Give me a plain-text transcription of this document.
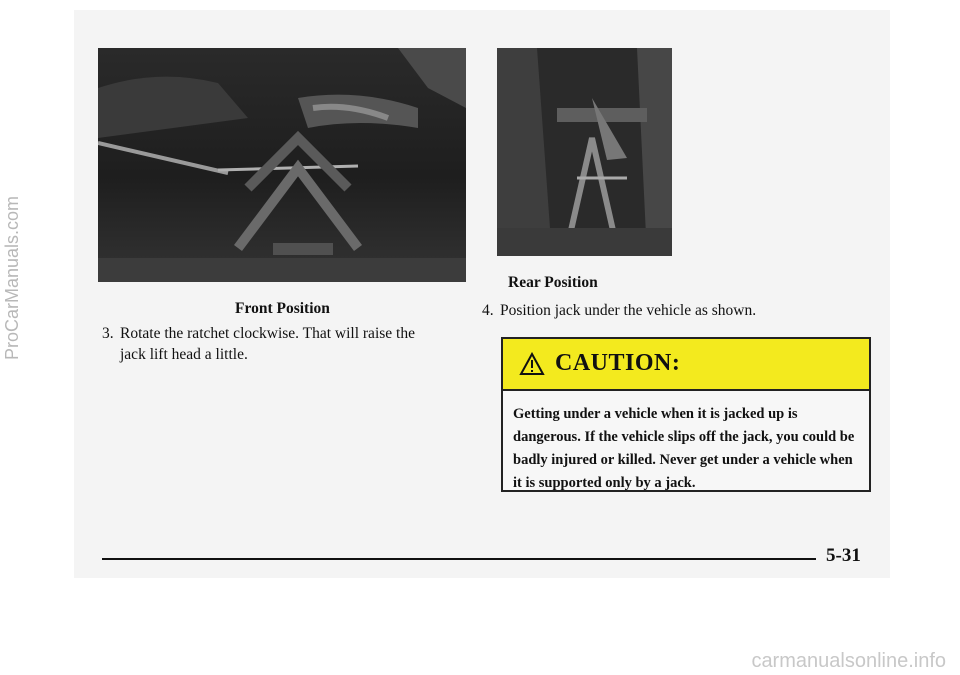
Front Position
Rear Position
3. Rotate the ratchet clockwise. That will raise the jack lift head a little.
4. Position jack under the vehicle as shown.
CAUTION:
Getting under a vehicle when it is jacked up is dangerous. If the vehicle slips off the jack, you could be badly injured or killed. Never get under a vehicle when it is supported only by a jack.
5-31
ProCarManuals.com
carmanualsonline.info
